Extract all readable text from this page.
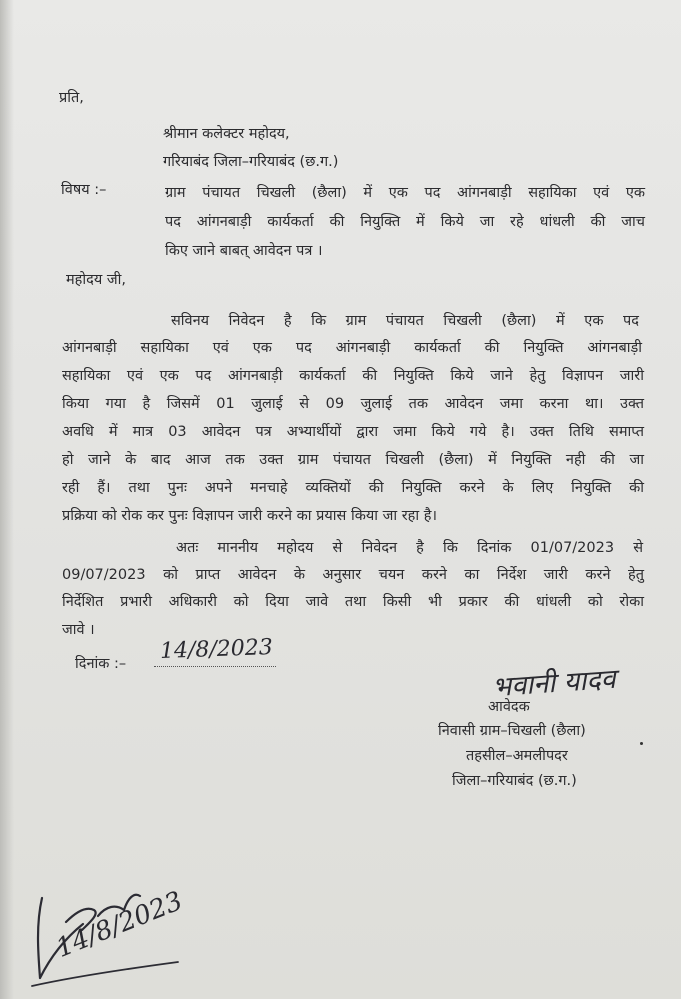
प्रति,
श्रीमान कलेक्टर महोदय,
गरियाबंद जिला–गरियाबंद (छ.ग.)
विषय :–	ग्राम पंचायत चिखली (छैला) में एक पद आंगनबाड़ी सहायिका एवं एक
पद आंगनबाड़ी कार्यकर्ता की नियुक्ति में किये जा रहे धांधली की जाच
किए जाने बाबत् आवेदन पत्र ।
महोदय जी,
सविनय निवेदन है कि ग्राम पंचायत चिखली (छैला) में एक पद
आंगनबाड़ी सहायिका एवं एक पद आंगनबाड़ी कार्यकर्ता की नियुक्ति आंगनबाड़ी
सहायिका एवं एक पद आंगनबाड़ी कार्यकर्ता की नियुक्ति किये जाने हेतु विज्ञापन जारी
किया गया है जिसमें 01 जुलाई से 09 जुलाई तक आवेदन जमा करना था। उक्त
अवधि में मात्र 03 आवेदन पत्र अभ्यार्थीयों द्वारा जमा किये गये है। उक्त तिथि समाप्त
हो जाने के बाद आज तक उक्त ग्राम पंचायत चिखली (छैला) में नियुक्ति नही की जा
रही हैं। तथा पुनः अपने मनचाहे व्यक्तियों की नियुक्ति करने के लिए नियुक्ति की
प्रक्रिया को रोक कर पुनः विज्ञापन जारी करने का प्रयास किया जा रहा है।
अतः माननीय महोदय से निवेदन है कि दिनांक 01/07/2023 से
09/07/2023 को प्राप्त आवेदन के अनुसार चयन करने का निर्देश जारी करने हेतु
निर्देशित प्रभारी अधिकारी को दिया जावे तथा किसी भी प्रकार की धांधली को रोका
जावे ।
दिनांक :–
14/8/2023
भवानी यादव
आवेदक
निवासी ग्राम–चिखली (छैला)
तहसील–अमलीपदर
जिला–गरियाबंद (छ.ग.)
14/8/2023
